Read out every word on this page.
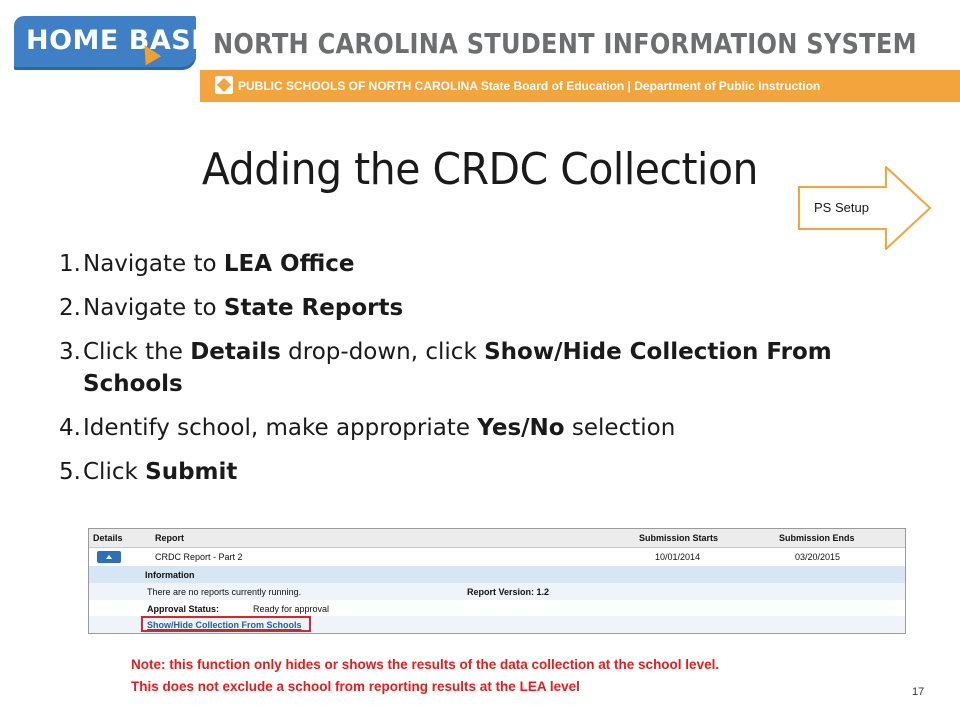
HOME BASE NORTH CAROLINA STUDENT INFORMATION SYSTEM
PUBLIC SCHOOLS OF NORTH CAROLINA State Board of Education | Department of Public Instruction
Adding the CRDC Collection
PS Setup
1. Navigate to LEA Office
2. Navigate to State Reports
3. Click the Details drop-down, click Show/Hide Collection From Schools
4. Identify school, make appropriate Yes/No selection
5. Click Submit
Details	Report	Submission Starts	Submission Ends
CRDC Report - Part 2	10/01/2014	03/20/2015
Information
There are no reports currently running.	Report Version: 1.2
Approval Status:	Ready for approval
Show/Hide Collection From Schools
Note: this function only hides or shows the results of the data collection at the school level.
This does not exclude a school from reporting results at the LEA level	17
